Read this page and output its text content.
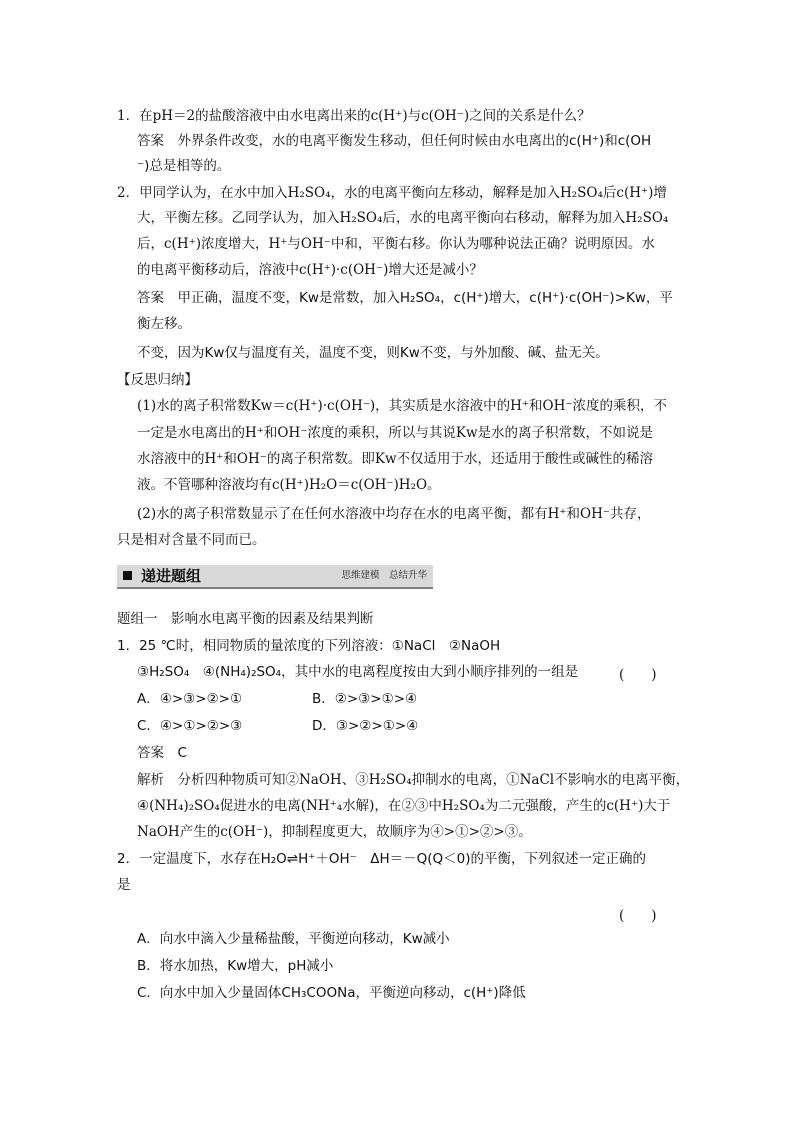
递进题组	思维建模　总结升华
1．在pH＝2的盐酸溶液中由水电离出来的c(H⁺)与c(OH⁻)之间的关系是什么？
答案　外界条件改变，水的电离平衡发生移动，但任何时候由水电离出的c(H⁺)和c(OH
⁻)总是相等的。
2．甲同学认为，在水中加入H₂SO₄，水的电离平衡向左移动，解释是加入H₂SO₄后c(H⁺)增
大，平衡左移。乙同学认为，加入H₂SO₄后，水的电离平衡向右移动，解释为加入H₂SO₄
后，c(H⁺)浓度增大，H⁺与OH⁻中和，平衡右移。你认为哪种说法正确？说明原因。水
的电离平衡移动后，溶液中c(H⁺)·c(OH⁻)增大还是减小？
答案　甲正确，温度不变，Kw是常数，加入H₂SO₄，c(H⁺)增大，c(H⁺)·c(OH⁻)>Kw，平
衡左移。
不变，因为Kw仅与温度有关，温度不变，则Kw不变，与外加酸、碱、盐无关。
【反思归纳】
(1)水的离子积常数Kw＝c(H⁺)·c(OH⁻)，其实质是水溶液中的H⁺和OH⁻浓度的乘积，不
一定是水电离出的H⁺和OH⁻浓度的乘积，所以与其说Kw是水的离子积常数，不如说是
水溶液中的H⁺和OH⁻的离子积常数。即Kw不仅适用于水，还适用于酸性或碱性的稀溶
液。不管哪种溶液均有c(H⁺)H₂O＝c(OH⁻)H₂O。
(2)水的离子积常数显示了在任何水溶液中均存在水的电离平衡，都有H⁺和OH⁻共存，
只是相对含量不同而已。
题组一　影响水电离平衡的因素及结果判断
1．25 ℃时，相同物质的量浓度的下列溶液：①NaCl　②NaOH
③H₂SO₄　④(NH₄)₂SO₄，其中水的电离程度按由大到小顺序排列的一组是
A．④>③>②>①	B．②>③>①>④
C．④>①>②>③	D．③>②>①>④
答案　C
解析　分析四种物质可知②NaOH、③H₂SO₄抑制水的电离，①NaCl不影响水的电离平衡，
④(NH₄)₂SO₄促进水的电离(NH⁺₄水解)，在②③中H₂SO₄为二元强酸，产生的c(H⁺)大于
NaOH产生的c(OH⁻)，抑制程度更大，故顺序为④>①>②>③。
2．一定温度下，水存在H₂O⇌H⁺＋OH⁻　ΔH＝－Q(Q＜0)的平衡，下列叙述一定正确的
是
A．向水中滴入少量稀盐酸，平衡逆向移动，Kw减小
B．将水加热，Kw增大，pH减小
C．向水中加入少量固体CH₃COONa，平衡逆向移动，c(H⁺)降低
(　　)
(　　)
